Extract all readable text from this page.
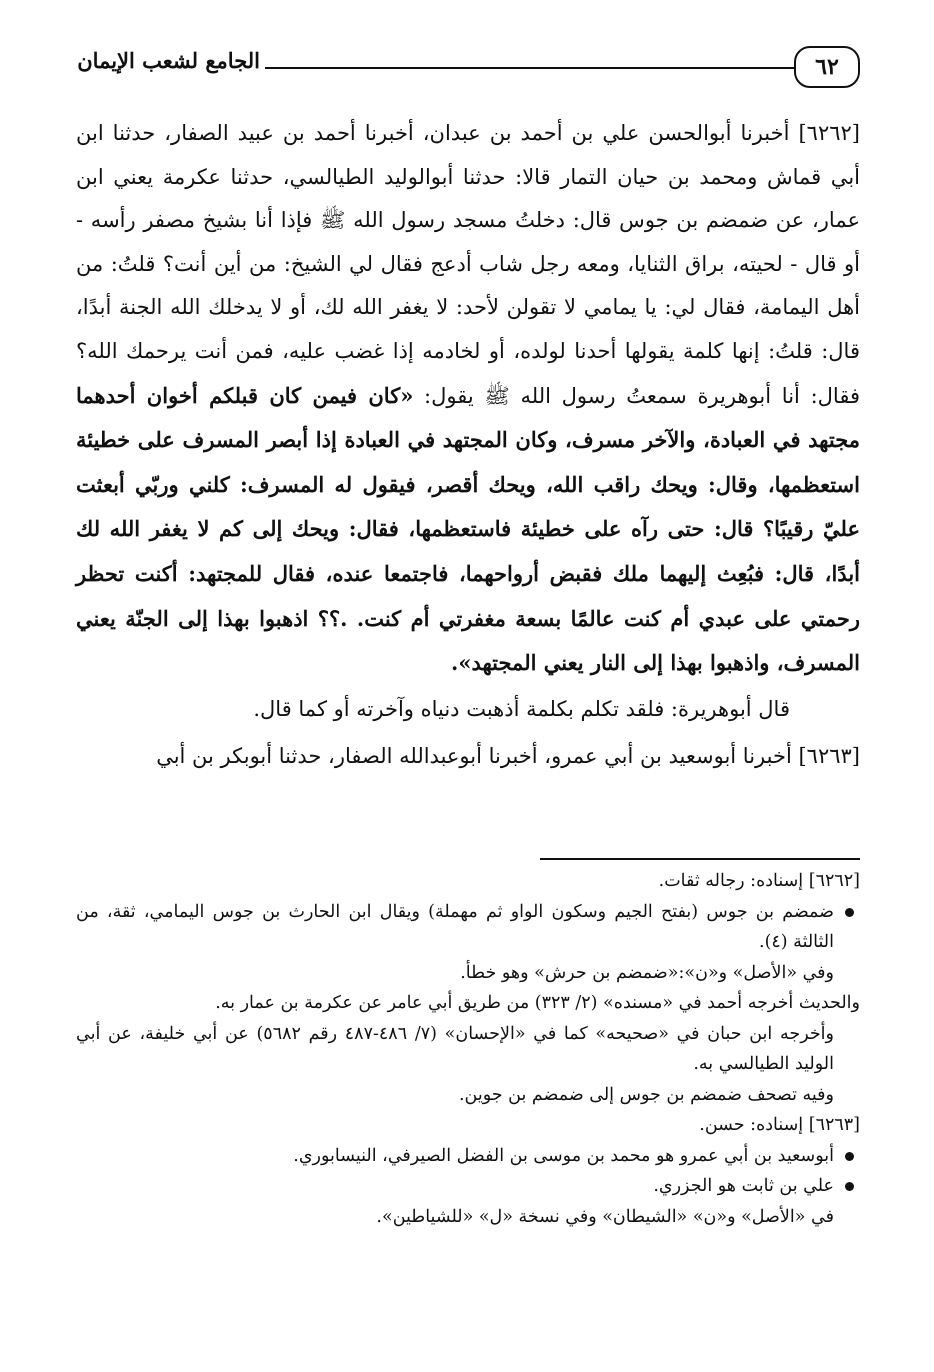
٦٢
الجامع لشعب الإيمان

[٦٢٦٢] أخبرنا أبوالحسن علي بن أحمد بن عبدان، أخبرنا أحمد بن عبيد الصفار، حدثنا ابن أبي قماش ومحمد بن حيان التمار قالا: حدثنا أبوالوليد الطيالسي، حدثنا عكرمة يعني ابن عمار، عن ضمضم بن جوس قال: دخلتُ مسجد رسول الله ﷺ فإذا أنا بشيخ مصفر رأسه - أو قال - لحيته، براق الثنايا، ومعه رجل شاب أدعج فقال لي الشيخ: من أين أنت؟ قلتُ: من أهل اليمامة، فقال لي: يا يمامي لا تقولن لأحد: لا يغفر الله لك، أو لا يدخلك الله الجنة أبدًا، قال: قلتُ: إنها كلمة يقولها أحدنا لولده، أو لخادمه إذا غضب عليه، فمن أنت يرحمك الله؟ فقال: أنا أبوهريرة سمعتُ رسول الله ﷺ يقول: «كان فيمن كان قبلكم أخوان أحدهما مجتهد في العبادة، والآخر مسرف، وكان المجتهد في العبادة إذا أبصر المسرف على خطيئة استعظمها، وقال: ويحك راقب الله، ويحك أقصر، فيقول له المسرف: كلني وربّي أبعثت عليّ رقيبًا؟ قال: حتى رآه على خطيئة فاستعظمها، فقال: ويحك إلى كم لا يغفر الله لك أبدًا، قال: فبُعِث إليهما ملك فقبض أرواحهما، فاجتمعا عنده، فقال للمجتهد: أكنت تحظر رحمتي على عبدي أم كنت عالمًا بسعة مغفرتي أم كنت. .؟؟ اذهبوا بهذا إلى الجنّة يعني المسرف، واذهبوا بهذا إلى النار يعني المجتهد».

قال أبوهريرة: فلقد تكلم بكلمة أذهبت دنياه وآخرته أو كما قال.

[٦٢٦٣] أخبرنا أبوسعيد بن أبي عمرو، أخبرنا أبوعبدالله الصفار، حدثنا أبوبكر بن أبي

[٦٢٦٢] إسناده: رجاله ثقات.

ضمضم بن جوس (بفتح الجيم وسكون الواو ثم مهملة) ويقال ابن الحارث بن جوس اليمامي، ثقة، من الثالثة (٤).

وفي «الأصل» و«ن»:«ضمضم بن حرش» وهو خطأ.

والحديث أخرجه أحمد في «مسنده» (٢/ ٣٢٣) من طريق أبي عامر عن عكرمة بن عمار به.

وأخرجه ابن حبان في «صحيحه» كما في «الإحسان» (٧/ ٤٨٦-٤٨٧ رقم ٥٦٨٢) عن أبي خليفة، عن أبي الوليد الطيالسي به.

وفيه تصحف ضمضم بن جوس إلى ضمضم بن جوين.

[٦٢٦٣] إسناده: حسن.

أبوسعيد بن أبي عمرو هو محمد بن موسى بن الفضل الصيرفي، النيسابوري.

علي بن ثابت هو الجزري.

في «الأصل» و«ن» «الشيطان» وفي نسخة «ل» «للشياطين».
